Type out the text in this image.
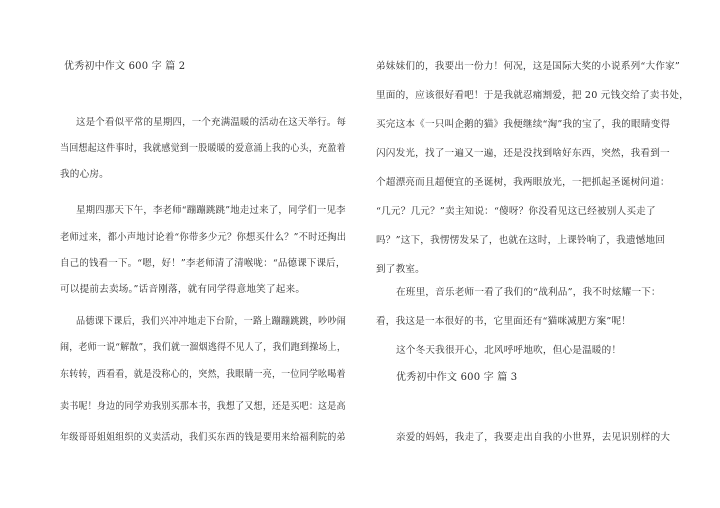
优秀初中作文 600 字 篇 2
这是个看似平常的星期四，一个充满温暖的活动在这天举行。每
当回想起这件事时，我就感觉到一股暖暖的爱意涌上我的心头，充盈着
我的心房。
星期四那天下午，李老师“蹦蹦跳跳”地走过来了，同学们一见李
老师过来，都小声地讨论着“你带多少元？你想买什么？”不时还掏出
自己的钱看一下。“嗯，好！”李老师清了清喉咙：“品德课下课后，
可以提前去卖场。”话音刚落，就有同学得意地笑了起来。
品德课下课后，我们兴冲冲地走下台阶，一路上蹦蹦跳跳，吵吵闹
闹，老师一说“解散”，我们就一溜烟逃得不见人了，我们跑到操场上，
东转转，西看看，就是没称心的，突然，我眼睛一亮，一位同学吆喝着
卖书呢！身边的同学劝我别买那本书，我想了又想，还是买吧：这是高
年级哥哥姐姐组织的义卖活动，我们买东西的钱是要用来给福利院的弟
弟妹妹们的，我要出一份力！何况，这是国际大奖的小说系列“大作家”
里面的，应该很好看吧！于是我就忍痛割爱，把 20 元钱交给了卖书处，
买完这本《一只叫企鹅的猫》我便继续“淘”我的宝了，我的眼睛变得
闪闪发光，找了一遍又一遍，还是没找到啥好东西，突然，我看到一
个超漂亮而且超便宜的圣诞树，我两眼放光，一把抓起圣诞树问道：
“几元？几元？”卖主知说：“傻呀？你没看见这已经被别人买走了
吗？”这下，我愣愣发呆了，也就在这时，上课铃响了，我遗憾地回
到了教室。
在班里，音乐老师一看了我们的“战利品”，我不时炫耀一下：
看，我这是一本很好的书，它里面还有“猫咪减肥方案”呢！
这个冬天我很开心，北风呼呼地吹，但心是温暖的！
优秀初中作文 600 字 篇 3
亲爱的妈妈，我走了，我要走出自我的小世界，去见识别样的大
